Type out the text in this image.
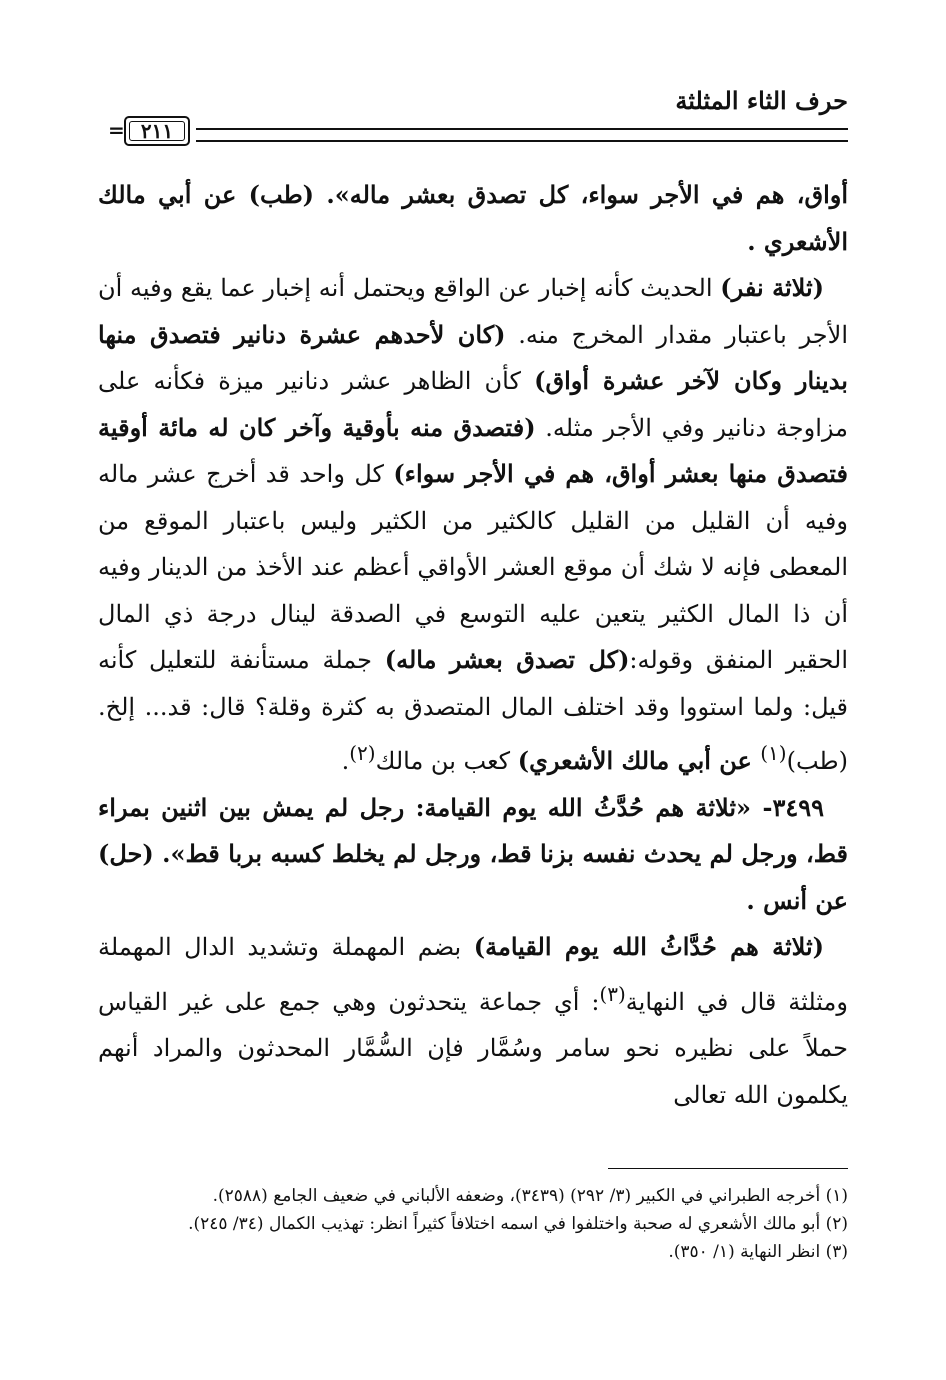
حرف الثاء المثلثة
٢١١
=

أواق، هم في الأجر سواء، كل تصدق بعشر ماله». (طب) عن أبي مالك الأشعري .

(ثلاثة نفر) الحديث كأنه إخبار عن الواقع ويحتمل أنه إخبار عما يقع وفيه أن الأجر باعتبار مقدار المخرج منه. (كان لأحدهم عشرة دنانير فتصدق منها بدينار وكان لآخر عشرة أواق) كأن الظاهر عشر دنانير ميزة فكأنه على مزاوجة دنانير وفي الأجر مثله. (فتصدق منه بأوقية وآخر كان له مائة أوقية فتصدق منها بعشر أواق، هم في الأجر سواء) كل واحد قد أخرج عشر ماله وفيه أن القليل من القليل كالكثير من الكثير وليس باعتبار الموقع من المعطى فإنه لا شك أن موقع العشر الأواقي أعظم عند الأخذ من الدينار وفيه أن ذا المال الكثير يتعين عليه التوسع في الصدقة لينال درجة ذي المال الحقير المنفق وقوله:(كل تصدق بعشر ماله) جملة مستأنفة للتعليل كأنه قيل: ولما استووا وقد اختلف المال المتصدق به كثرة وقلة؟ قال: قد... إلخ. (طب)$^{(١)}$ عن أبي مالك الأشعري) كعب بن مالك$^{(٢)}$.

٣٤٩٩- «ثلاثة هم حُدَّثُ الله يوم القيامة: رجل لم يمش بين اثنين بمراء قط، ورجل لم يحدث نفسه بزنا قط، ورجل لم يخلط كسبه بربا قط». (حل) عن أنس .

(ثلاثة هم حُدَّاثُ الله يوم القيامة) بضم المهملة وتشديد الدال المهملة ومثلثة قال في النهاية$^{(٣)}$: أي جماعة يتحدثون وهي جمع على غير القياس حملاً على نظيره نحو سامر وسُمَّار فإن السُّمَّار المحدثون والمراد أنهم يكلمون الله تعالى

(١) أخرجه الطبراني في الكبير (٣/ ٢٩٢) (٣٤٣٩)، وضعفه الألباني في ضعيف الجامع (٢٥٨٨).

(٢) أبو مالك الأشعري له صحبة واختلفوا في اسمه اختلافاً كثيراً انظر: تهذيب الكمال (٣٤/ ٢٤٥).

(٣) انظر النهاية (١/ ٣٥٠).
